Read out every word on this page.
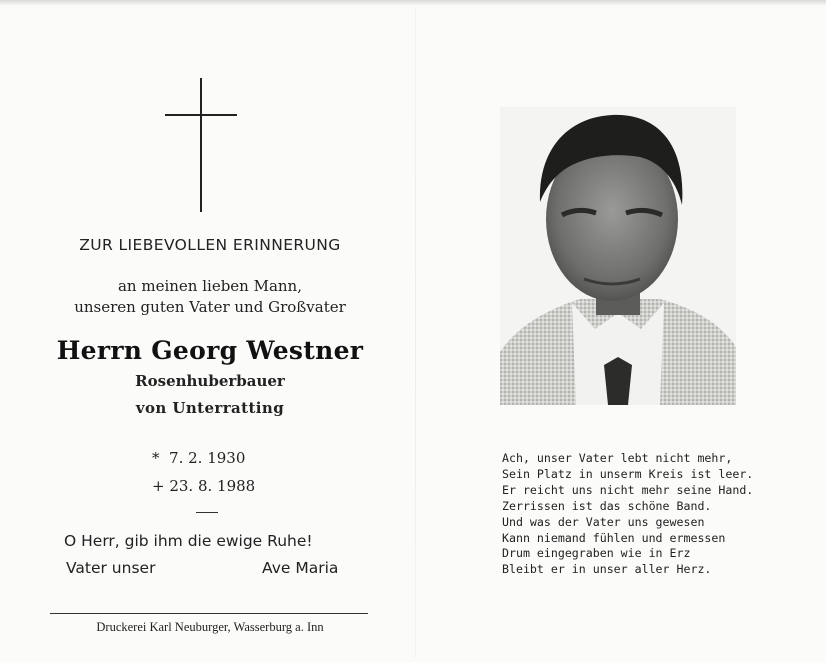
ZUR LIEBEVOLLEN ERINNERUNG
an meinen lieben Mann,
unseren guten Vater und Großvater
Herrn Georg Westner
Rosenhuberbauer
von Unterratting
*  7. 2. 1930
+ 23. 8. 1988
O Herr, gib ihm die ewige Ruhe!
Vater unser	Ave Maria
Druckerei Karl Neuburger, Wasserburg a. Inn
Ach, unser Vater lebt nicht mehr,
Sein Platz in unserm Kreis ist leer.
Er reicht uns nicht mehr seine Hand.
Zerrissen ist das schöne Band.
Und was der Vater uns gewesen
Kann niemand fühlen und ermessen
Drum eingegraben wie in Erz
Bleibt er in unser aller Herz.
